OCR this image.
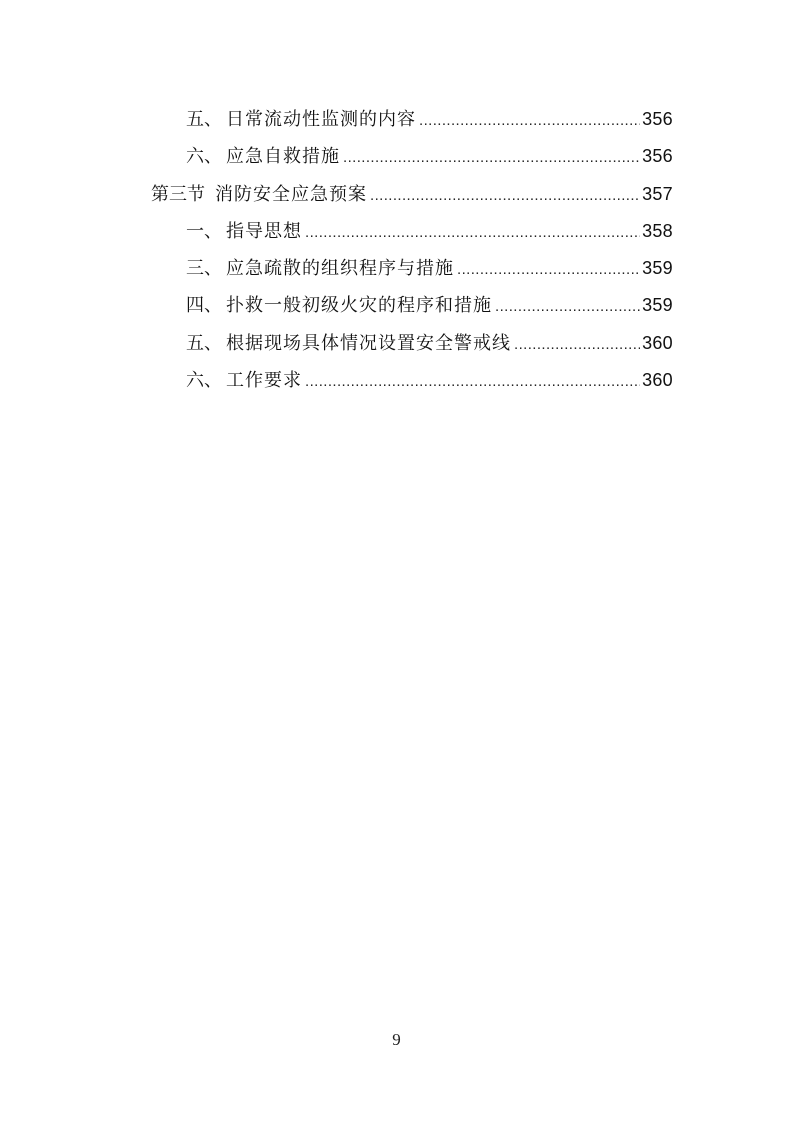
五、 日常流动性监测的内容 .....	356
六、 应急自救措施 .....	356
第三节 消防安全应急预案 .....	357
一、 指导思想 .....	358
三、 应急疏散的组织程序与措施 .....	359
四、 扑救一般初级火灾的程序和措施 .....	359
五、 根据现场具体情况设置安全警戒线 .....	360
六、 工作要求 .....	360
9
